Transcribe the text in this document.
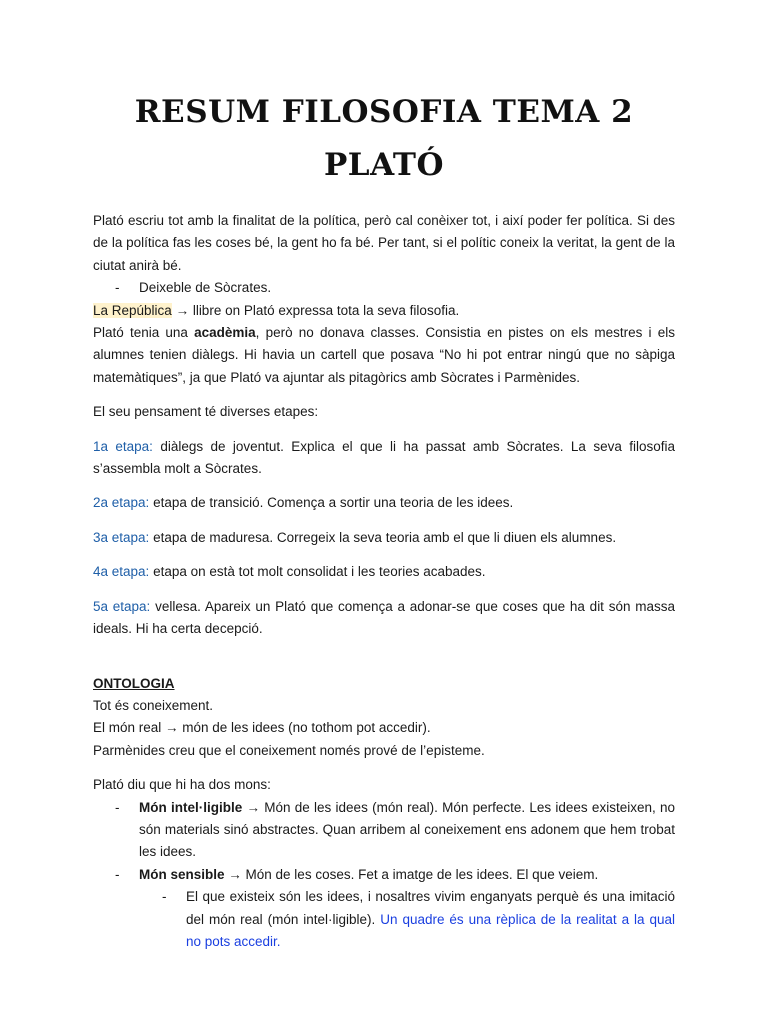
RESUM FILOSOFIA TEMA 2
PLATÓ

Plató escriu tot amb la finalitat de la política, però cal conèixer tot, i així poder fer política. Si des de la política fas les coses bé, la gent ho fa bé. Per tant, si el polític coneix la veritat, la gent de la ciutat anirà bé.

- Deixeble de Sòcrates.

La República → llibre on Plató expressa tota la seva filosofia.

Plató tenia una acadèmia, però no donava classes. Consistia en pistes on els mestres i els alumnes tenien diàlegs. Hi havia un cartell que posava “No hi pot entrar ningú que no sàpiga matemàtiques”, ja que Plató va ajuntar als pitagòrics amb Sòcrates i Parmènides.

El seu pensament té diverses etapes:

1a etapa: diàlegs de joventut. Explica el que li ha passat amb Sòcrates. La seva filosofia s’assembla molt a Sòcrates.

2a etapa: etapa de transició. Comença a sortir una teoria de les idees.

3a etapa: etapa de maduresa. Corregeix la seva teoria amb el que li diuen els alumnes.

4a etapa: etapa on està tot molt consolidat i les teories acabades.

5a etapa: vellesa. Apareix un Plató que comença a adonar-se que coses que ha dit són massa ideals. Hi ha certa decepció.

ONTOLOGIA

Tot és coneixement.

El món real → món de les idees (no tothom pot accedir).

Parmènides creu que el coneixement només prové de l’episteme.

Plató diu que hi ha dos mons:

- Món intel·ligible → Món de les idees (món real). Món perfecte. Les idees existeixen, no són materials sinó abstractes. Quan arribem al coneixement ens adonem que hem trobat les idees.
- Món sensible → Món de les coses. Fet a imatge de les idees. El que veiem.
- El que existeix són les idees, i nosaltres vivim enganyats perquè és una imitació del món real (món intel·ligible). Un quadre és una rèplica de la realitat a la qual no pots accedir.
